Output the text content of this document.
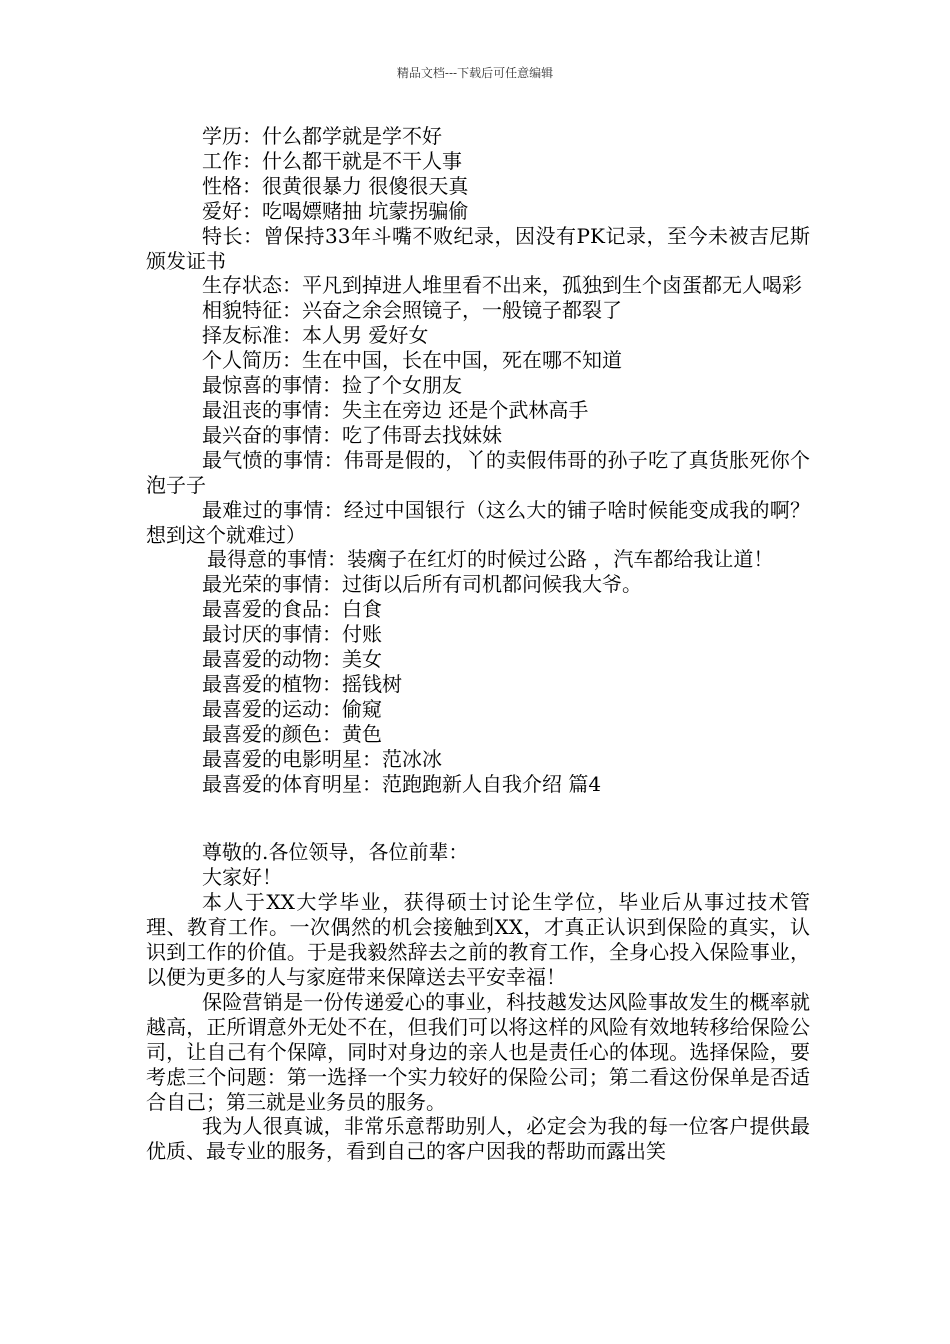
精品文档---下载后可任意编辑

学历：什么都学就是学不好

工作：什么都干就是不干人事

性格：很黄很暴力 很傻很天真

爱好：吃喝嫖赌抽 坑蒙拐骗偷

特长：曾保持33年斗嘴不败纪录，因没有PK记录，至今未被吉尼斯颁发证书

生存状态：平凡到掉进人堆里看不出来，孤独到生个卤蛋都无人喝彩

相貌特征：兴奋之余会照镜子，一般镜子都裂了

择友标准：本人男 爱好女

个人简历：生在中国，长在中国，死在哪不知道

最惊喜的事情：捡了个女朋友

最沮丧的事情：失主在旁边 还是个武林高手

最兴奋的事情：吃了伟哥去找妹妹

最气愤的事情：伟哥是假的，丫的卖假伟哥的孙子吃了真货胀死你个泡子子

最难过的事情：经过中国银行（这么大的铺子啥时候能变成我的啊？想到这个就难过）

最得意的事情：装瘸子在红灯的时候过公路 ，汽车都给我让道！

最光荣的事情：过街以后所有司机都问候我大爷。

最喜爱的食品：白食

最讨厌的事情：付账

最喜爱的动物：美女

最喜爱的植物：摇钱树

最喜爱的运动：偷窥

最喜爱的颜色：黄色

最喜爱的电影明星：范冰冰

最喜爱的体育明星：范跑跑新人自我介绍 篇4

尊敬的.各位领导，各位前辈：

大家好！

本人于XX大学毕业，获得硕士讨论生学位，毕业后从事过技术管理、教育工作。一次偶然的机会接触到XX，才真正认识到保险的真实，认识到工作的价值。于是我毅然辞去之前的教育工作，全身心投入保险事业，以便为更多的人与家庭带来保障送去平安幸福！

保险营销是一份传递爱心的事业，科技越发达风险事故发生的概率就越高，正所谓意外无处不在，但我们可以将这样的风险有效地转移给保险公司，让自己有个保障，同时对身边的亲人也是责任心的体现。选择保险，要考虑三个问题：第一选择一个实力较好的保险公司；第二看这份保单是否适合自己；第三就是业务员的服务。

我为人很真诚，非常乐意帮助别人，必定会为我的每一位客户提供最优质、最专业的服务，看到自己的客户因我的帮助而露出笑
